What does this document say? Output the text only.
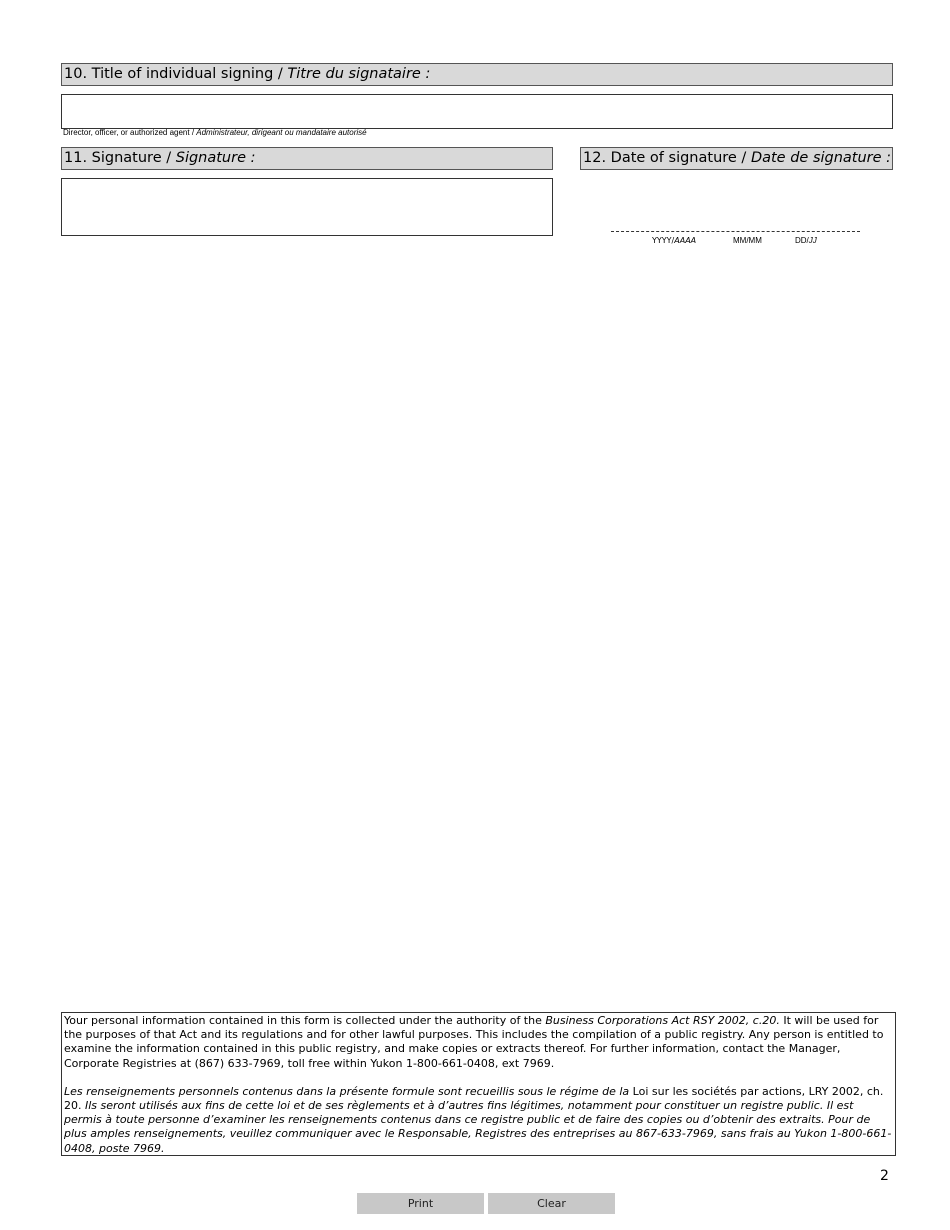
10. Title of individual signing / Titre du signataire :
Director, officer, or authorized agent / Administrateur, dirigeant ou mandataire autorisé
11. Signature / Signature :	12. Date of signature / Date de signature :
YYYY/AAAA	MM/MM	DD/JJ

Your personal information contained in this form is collected under the authority of the Business Corporations Act RSY 2002, c.20. It will be used for the purposes of that Act and its regulations and for other lawful purposes. This includes the compilation of a public registry. Any person is entitled to examine the information contained in this public registry, and make copies or extracts thereof. For further information, contact the Manager, Corporate Registries at (867) 633-7969, toll free within Yukon 1-800-661-0408, ext 7969.

Les renseignements personnels contenus dans la présente formule sont recueillis sous le régime de la Loi sur les sociétés par actions, LRY 2002, ch. 20. Ils seront utilisés aux fins de cette loi et de ses règlements et à d’autres fins légitimes, notamment pour constituer un registre public. Il est permis à toute personne d’examiner les renseignements contenus dans ce registre public et de faire des copies ou d’obtenir des extraits. Pour de plus amples renseignements, veuillez communiquer avec le Responsable, Registres des entreprises au 867-633-7969, sans frais au Yukon 1-800-661-0408, poste 7969.

2
Print	Clear
